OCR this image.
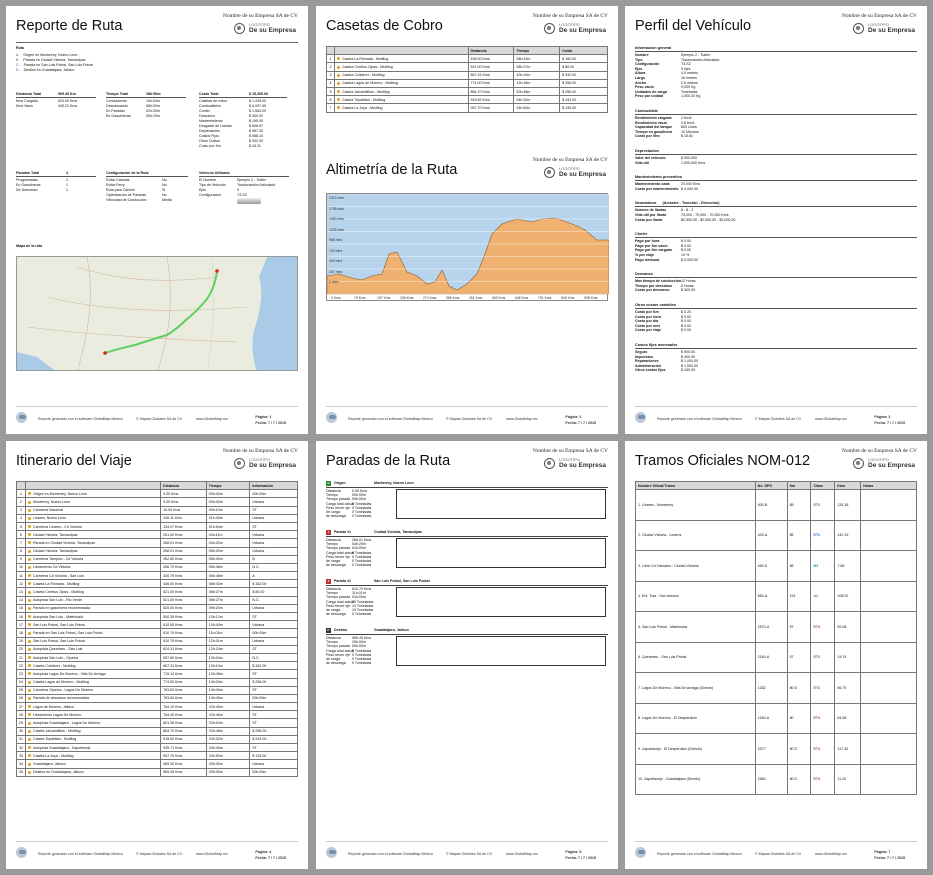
Nombre de su Empresa SA de CV
LOGOTIPO
De su Empresa
Reporte de Ruta
Ruta
A. Origen en Monterrey, Nuevo Leon
B. Parada en Ciudad Victoria, Tamaulipas
C. Parada en San Luis Potosi, San Luis Potosi
D. Destino en Guadalajara, Jalisco
Distancia Total	965.45 Km
Kms Cargado	520.00 Kms
Kms Vacio	445.21 Kms
Tiempo Total	28h:50m
Conduciendo	14h:04m
Descansando	08h:00m
En Paradas	02h:20m
En Gasolineras	00h:10m
Costo Total	$ 15,305.00
Casetas de cobro	$ 1,435.00
Combustibles	$ 6,097.40
Chofer	$ 1,583.00
Descanso	$ 300.00
Mantenimiento	$ 195.00
Desgaste de Llantas	$ 606.67
Depreciación	$ 587.30
Costos Fijos	$ 568.10
Otros Costos	$ 342.00
Costo por Km	$ 15.31
Paradas Total	4
Programadas	2
En Gasolineras	1
De Descanso	1
Configuración de la Ruta
Evitar Casetas	No
Evitar Ferry	No
Ruta para Camión	Si
Optimización de Paradas	No
Velocidad de Conducción	Media
Vehículo Utilizado
El Nombre	Ejemplo 2 - Trailer
Tipo de Vehículo	Tractocamión Articulado
Ejes	5
Configuración	T3-S2
Mapa de la ruta
Reporte generado con el software GlobalMap Mexico	© Mapas Globales SA de CV	www.GlobalMap.mx	Página: 1
Fecha: 7 / 7 / 2015
Nombre de su Empresa SA de CV
LOGOTIPO
De su Empresa
Casetas de Cobro
		Distancia	Tiempo	Costo
1	Caseta La Rinnada - Multilog	436.00 Kms	08h:43m	$ 162.00
2	Caseta Cerritos Ojoss - Multilog	521.00 Kms	08h:27m	$ 80.00
3	Caseta Culiderer - Multilog	667.31 Kms	10h:10m	$ 342.00
4	Caseta Lagos de Moreno - Multilog	774.00 Kms	12h:34m	$ 256.00
5	Caseta Jalcamitillan - Multilog	864.70 Kms	20h:48m	$ 256.00
6	Caseta Tepatitlan - Multilog	915.62 Kms	24h:32m	$ 243.00
7	Caseta La Joya - Multilog	957.70 Kms	24h:50m	$ 135.00
Nombre de su Empresa SA de CV
LOGOTIPO
De su Empresa
Altimetría de la Ruta
2313 mtrs
1798 mtrs
1450 mtrs
1232 mtrs
986 mtrs
740 mtrs
493 mtrs
247 mtrs
0 mtrs
0 Kms	79 Kms	157 Kms	236 Kms	274 Kms	365 Kms	451 Kms	553 Kms	648 Kms	751 Kms	843 Kms	938 Kms
Reporte generado con el software GlobalMap Mexico	© Mapas Globales SA de CV	www.GlobalMap.mx	Página: 2
Fecha: 7 / 7 / 2015
Nombre de su Empresa SA de CV
LOGOTIPO
De su Empresa
Perfil del Vehículo
Reporte generado con el software GlobalMap Mexico	© Mapas Globales SA de CV	www.GlobalMap.mx	Página: 3
Fecha: 7 / 7 / 2015
Información general
Nombre	Ejemplo 2 - Trailer
Tipo	Tractocamión Articulado
Configuración	T3-S2
Ejes	5 ejes
Altura	4.0 metros
Largo	16 metros
Ancho	2.6 metros
Peso vacío	9,000 Kg
Unidades de carga	Toneladas
Peso por unidad	1,000.00 Kg
Combustible
Rendimiento cargado	2 Km/L
Rendimiento vacío	3.6 Km/L
Capacidad del tanque 600 Litros
Tiempo en gasolinera	10 Minutos
Costo por litro	$ 15.81
Depreciación
Valor del vehículo	$ 900,000
Vida útil	1,000,000 Kms
Mantenimiento preventivo
Mantenimiento cada	20,000 Kms
Costo por mantenimiento $ 4,000.00
Neumáticos (Arrastre - Tracción - Dirección)
Número de llantas	8 - 8 - 2
Vida útil por llanta	70,000 - 70,000 - 70,000 Kms
Costo por llanta	$2,500.00 - $2,500.00 - $3,000.00
Chofer
Pago por hora	$ 0.00
Pago por Km vacío	$ 0.00
Pago por Km cargado $ 0.00
% por viaje	10 %
Pago mensual	$ 5,000.00
Descanso
Max tiempo de conducción 12 Horas
Tiempo por descanso 8 Horas
Costo por descanso	$ 300.00
Otros costos variables
Costo por Km	$ 0.20
Costo por hora	$ 5.00
Costo por día	$ 0.00
Costo por mes	$ 0.00
Costo por viaje	$ 0.00
Costos fijos mensuales
Seguro	$ 500.00
Impuestos	$ 400.00
Reparaciones	$ 1,000.00
Administración	$ 1,000.00
Otros costos fijos	$ 150.00
Nombre de su Empresa SA de CV
LOGOTIPO
De su Empresa
Itinerario del Viaje
		Distancia	Tiempo	Información
1	Origen en Monterrey, Nuevo Leon	0.00 Kms	00h:00m	00h:00m
2	Monterrey, Nuevo Leon	0.00 Kms	00h:00m	Urbana
3	Carretera Nacional	10.00 Kms	00h:10m	ST
4	Linares, Nuevo Leon	130.11 Kms	01h:40m	Urbana
5	Carretera Linares - Cd Victoria	134.07 Kms	01h:54m	ST
6	Ciudad Victoria, Tamaulipas	251.00 Kms	04h:11m	Urbana
7	Parada en Ciudad Victoria, Tamaulipas	268.01 Kms	04h:20m	Urbana
8	Ciudad Victoria, Tamaulipas	268.01 Kms	05h:20m	Urbana
9	Carretera Tampico - Cd Victoria	262.60 Kms	05h:30m	B
10	Libramiento Cd Victoria	266.79 Kms	05h:38m	N.C.
11	Carretera Cd Victoria - San Luis	330.79 Kms	06h:48m	A
12	Caseta La Rinnada - Multilog	436.00 Kms	08h:43m	$ 162.00
13	Caseta Cerritos Ojoss - Multilog	521.00 Kms	08h:27m	$ 80.00
14	Autopista San Luis - Rio Verde	521.00 Kms	08h:27m	N.C.
15	Parada en gasolinera recomendada	525.00 Kms	09h:20m	Urbana
16	Autopista San Luis - Matehuala	550.39 Kms	10h:12m	ST
17	San Luis Potosi, San Luis Potosi	610.65 Kms	10h:40m	Urbana
18	Parada en San Luis Potosi, San Luis Potosi	610.79 Kms	11h:01m	00h:00m
19	San Luis Potosi, San Luis Potosi	610.79 Kms	12h:01m	Urbana
20	Autopista Queretaro - San Luis	624.31 Kms	12h:24m	ST
21	Autopista San Luis - Ojuelos	657.60 Kms	13h:04m	N.C.
22	Caseta Culiderer - Multilog	667.31 Kms	13h:10m	$ 342.00
23	Autopista Lagos De Moreno - Villa De Arriaga	715.14 Kms	13h:48m	ST
24	Caseta Lagos de Moreno - Multilog	774.00 Kms	14h:34m	$ 256.00
25	Carretera Ojuelos - Lagos De Moreno	783.63 Kms	14h:44m	ST
26	Parada de descanso recomendada	783.84 Kms	14h:45m	00h:00m
27	Lagos de Moreno, Jalisco	784.10 Kms	22h:45m	Urbana
28	Libramiento Lagos De Moreno	784.40 Kms	22h:46m	ST
29	Autopista Guadalajara - Lagos De Moreno	801.26 Kms	23h:04m	ST
30	Caseta Jalcamitillan - Multilog	864.70 Kms	23h:48m	$ 256.00
31	Caseta Tepatitlan - Multilog	915.62 Kms	24h:32m	$ 243.00
32	Autopista Guadalajara - Zapotlanejo	935.71 Kms	24h:40m	ST
33	Caseta La Joya - Multilog	957.70 Kms	24h:50m	$ 135.00
34	Guadalajara, Jalisco	965.30 Kms	25h:00m	Urbana
35	Destino en Guadalajara, Jalisco	965.45 Kms	25h:00m	00h:00m
Reporte generado con el software GlobalMap Mexico	© Mapas Globales SA de CV	www.GlobalMap.mx	Página: 4
Fecha: 7 / 7 / 2015
Nombre de su Empresa SA de CV
LOGOTIPO
De su Empresa
Paradas de la Ruta
Reporte generado con el software GlobalMap Mexico	© Mapas Globales SA de CV	www.GlobalMap.mx	Página: 5
Fecha: 7 / 7 / 2015
O Origen	Monterrey, Nuevo Leon
Distancia	0.00 Kms
Tiempo	00h:00m
Tiempo parada 00h:00m
Carga total actual0 Toneladas
Peso tercer eje 0 Toneladas
de carga	0 Toneladas
de descarga 0 Toneladas
1 Parada #1	Ciudad Victoria, Tamaulipas
Distancia	268.01 Kms
Tiempo	04h:20m
Tiempo parada 01h:00m
Carga total actual0 Toneladas
Peso tercer eje 0 Toneladas
de carga	0 Toneladas
de descarga 0 Toneladas
2 Parada #2	San Luis Potosi, San Luis Potosi
Distancia	610.79 Kms
Tiempo	11h:01m
Tiempo parada 01h:00m
Carga total actual10 Toneladas
Peso tercer eje 10 Toneladas
de carga	10 Toneladas
de descarga 0 Toneladas
D Destino	Guadalajara, Jalisco
Distancia	965.45 Kms
Tiempo	25h:00m
Tiempo parada 00h:00m
Carga total actual0 Toneladas
Peso tercer eje 0 Toneladas
de carga	0 Toneladas
de descarga 0 Toneladas
Nombre de su Empresa SA de CV
LOGOTIPO
De su Empresa
Tramos Oficiales NOM-012
Nombre Oficial Tramo	No. SPO	Km	Clase	Kms	Notas
1. Linares - Monterrey	400-B	85	ET4	134.38	
2. Ciudad Victoria - Linares	400-A	85	ET2	142.15	
3. Libre Cd Camaleo - Ciudad Victoria	450-5	85	B3	7.88	
4. Ent. Tula - San Antonio	650-A	151	A2	108.02	
5. San Luis Potosi - Matehuala	2570-A	57	ET4	59.08	
6. Queretaro - San Luis Potosi	2160-A	57	ET4	14.74	
7. Lagos De Moreno - Villa De Arriaga (Directo)	1262	80 D	ET4	56.79	
8. Lagos De Moreno - El Desperdicio	1260-A	80	ET4	54.58	
9. Zapotlanejo - El Desperdicio (Directo)	2577	80 D	ET4	117.40	
10. Zapotlanejo - Guadalajara (Directo)	2560	80 D	ET4	11.20	
Reporte generado con el software GlobalMap Mexico	© Mapas Globales SA de CV	www.GlobalMap.mx	Página: 7
Fecha: 7 / 7 / 2015
